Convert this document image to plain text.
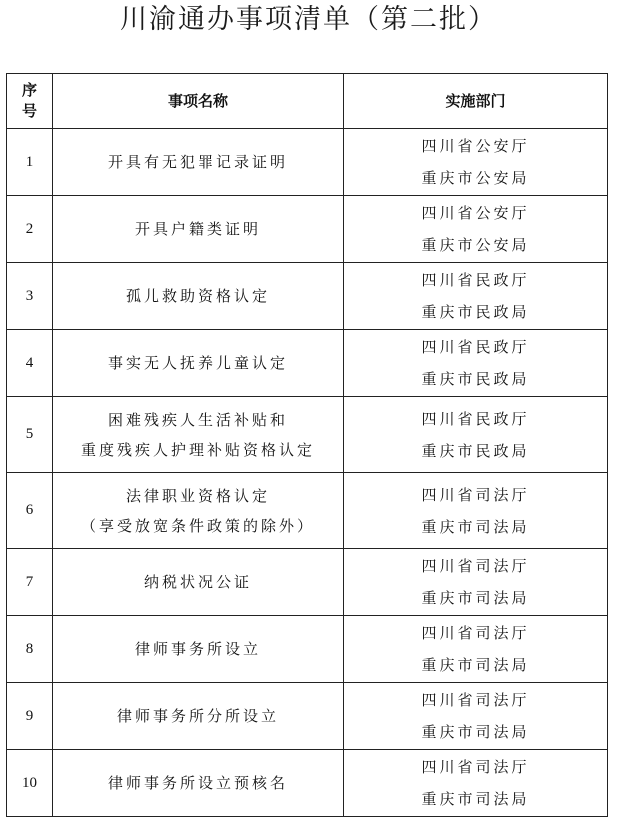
川渝通办事项清单（第二批）
序号	事项名称	实施部门
1	开具有无犯罪记录证明	四川省公安厅
重庆市公安局

2	开具户籍类证明	四川省公安厅
重庆市公安局

3	孤儿救助资格认定	四川省民政厅
重庆市民政局

4	事实无人抚养儿童认定	四川省民政厅
重庆市民政局

5	困难残疾人生活补贴和
重度残疾人护理补贴资格认定	四川省民政厅
重庆市民政局

6	法律职业资格认定
（享受放宽条件政策的除外）	四川省司法厅
重庆市司法局

7	纳税状况公证	四川省司法厅
重庆市司法局

8	律师事务所设立	四川省司法厅
重庆市司法局

9	律师事务所分所设立	四川省司法厅
重庆市司法局

10	律师事务所设立预核名	四川省司法厅
重庆市司法局
